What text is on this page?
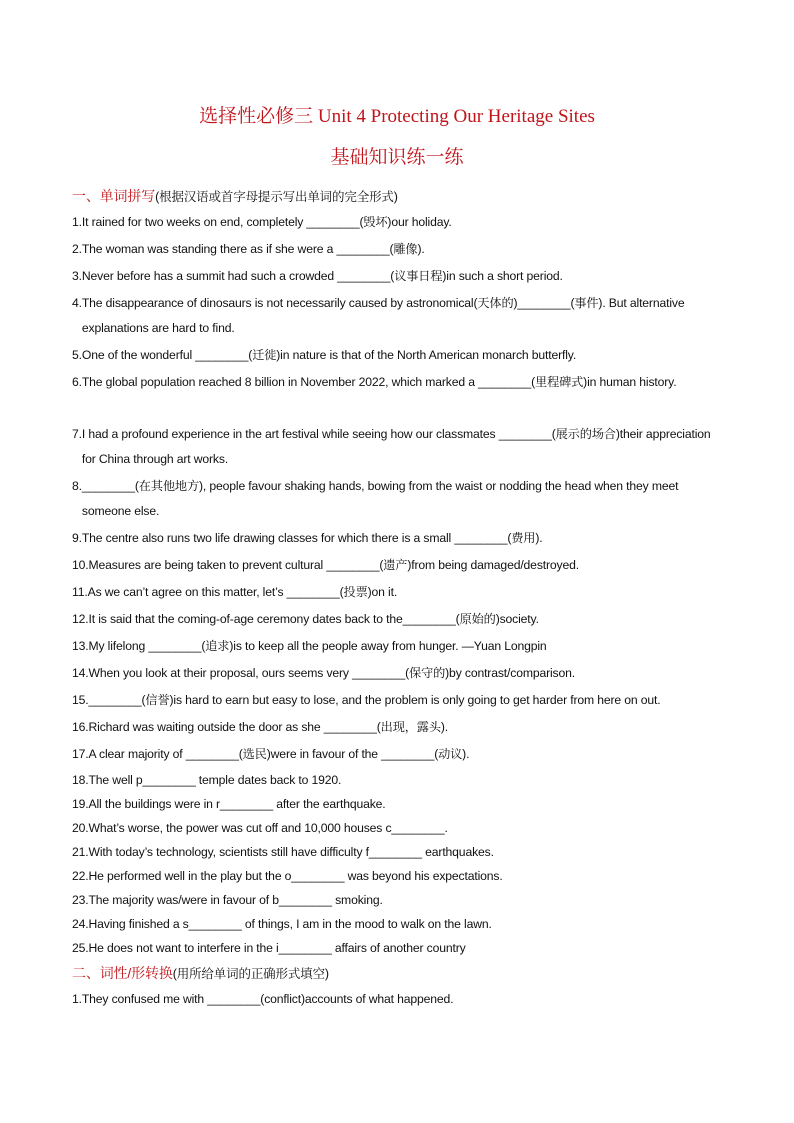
选择性必修三 Unit 4 Protecting Our Heritage Sites
基础知识练一练
一、单词拼写(根据汉语或首字母提示写出单词的完全形式)
1. It rained for two weeks on end, completely ________(毁坏)our holiday.
2. The woman was standing there as if she were a ________(雕像).
3. Never before has a summit had such a crowded ________(议事日程)in such a short period.
4. The disappearance of dinosaurs is not necessarily caused by astronomical(天体的)________(事件). But alternative explanations are hard to find.
5. One of the wonderful ________(迁徙)in nature is that of the North American monarch butterfly.
6. The global population reached 8 billion in November 2022, which marked a ________(里程碑式)in human history.
7. I had a profound experience in the art festival while seeing how our classmates ________(展示的场合)their appreciation for China through art works.
8. ________(在其他地方), people favour shaking hands, bowing from the waist or nodding the head when they meet someone else.
9. The centre also runs two life drawing classes for which there is a small ________(费用).
10. Measures are being taken to prevent cultural ________(遗产)from being damaged/destroyed.
11. As we can’t agree on this matter, let’s ________(投票)on it.
12. It is said that the coming-of-age ceremony dates back to the________(原始的)society.
13. My lifelong ________(追求)is to keep all the people away from hunger. —Yuan Longpin
14. When you look at their proposal, ours seems very ________(保守的)by contrast/comparison.
15. ________(信誉)is hard to earn but easy to lose, and the problem is only going to get harder from here on out.
16. Richard was waiting outside the door as she ________(出现，露头).
17. A clear majority of ________(选民)were in favour of the ________(动议).
18. The well p________ temple dates back to 1920.
19. All the buildings were in r________ after the earthquake.
20. What’s worse, the power was cut off and 10,000 houses c________.
21. With today’s technology, scientists still have difficulty f________ earthquakes.
22. He performed well in the play but the o________ was beyond his expectations.
23. The majority was/were in favour of b________ smoking.
24. Having finished a s________ of things, I am in the mood to walk on the lawn.
25. He does not want to interfere in the i________ affairs of another country
二、词性/形转换(用所给单词的正确形式填空)
1. They confused me with ________(conflict)accounts of what happened.
